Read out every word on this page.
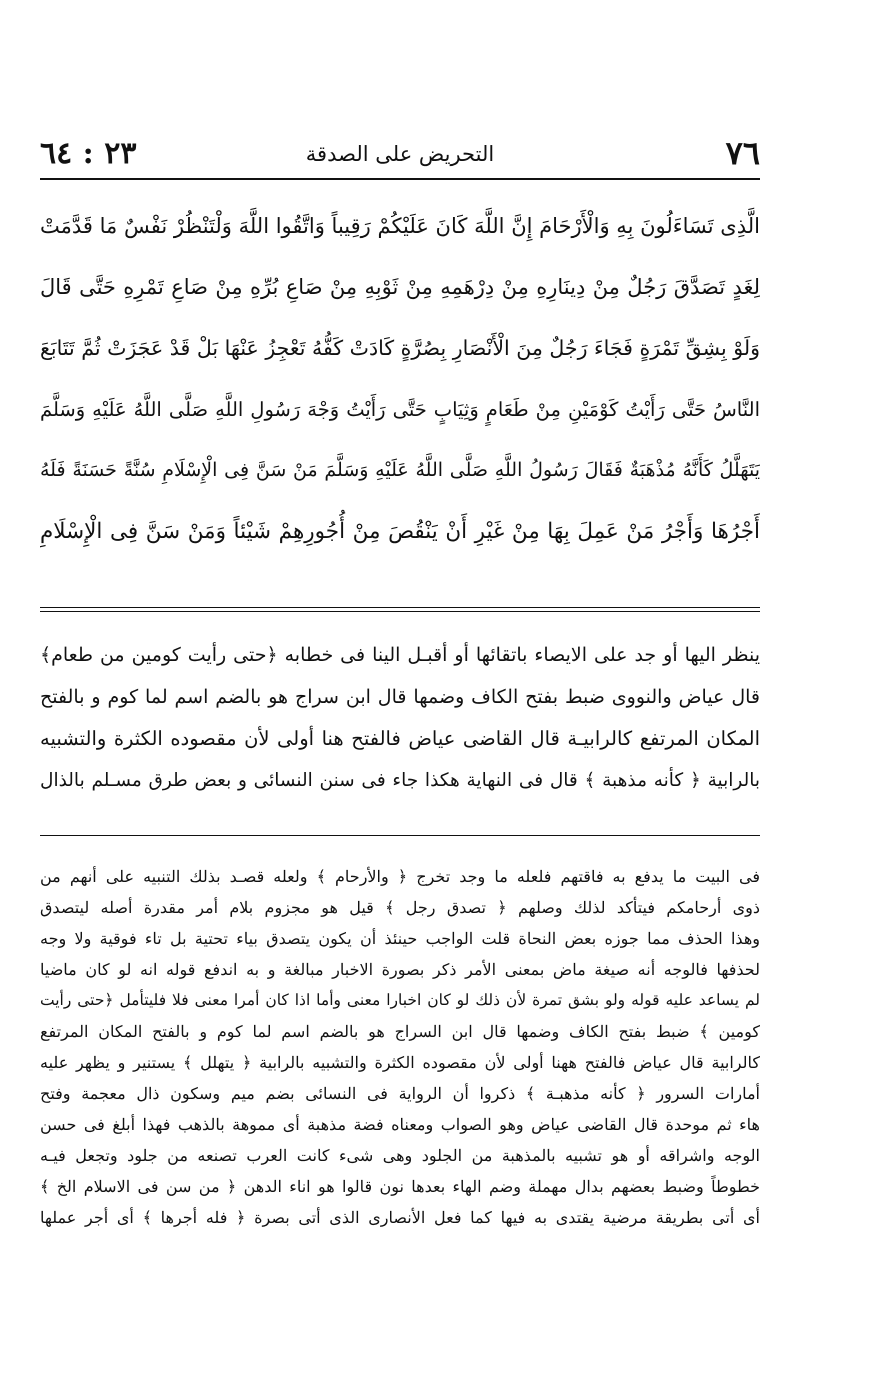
٢٣ : ٦٤	التحريض على الصدقة	٧٦
الَّذِى تَسَاءَلُونَ بِهِ وَالْأَرْحَامَ إِنَّ اللَّهَ كَانَ عَلَيْكُمْ رَقِيباً وَاتَّقُوا اللَّهَ وَلْتَنْظُرْ نَفْسٌ مَا قَدَّمَتْ
لِغَدٍ تَصَدَّقَ رَجُلٌ مِنْ دِينَارِهِ مِنْ دِرْهَمِهِ مِنْ ثَوْبِهِ مِنْ صَاعِ بُرِّهِ مِنْ صَاعِ تَمْرِهِ حَتَّى قَالَ
وَلَوْ بِشِقِّ تَمْرَةٍ فَجَاءَ رَجُلٌ مِنَ الْأَنْصَارِ بِصُرَّةٍ كَادَتْ كَفُّهُ تَعْجِزُ عَنْهَا بَلْ قَدْ عَجَزَتْ ثُمَّ تَتَابَعَ
النَّاسُ حَتَّى رَأَيْتُ كَوْمَيْنِ مِنْ طَعَامٍ وَثِيَابٍ حَتَّى رَأَيْتُ وَجْهَ رَسُولِ اللَّهِ صَلَّى اللَّهُ عَلَيْهِ وَسَلَّمَ
يَتَهَلَّلُ كَأَنَّهُ مُذْهَبَةٌ فَقَالَ رَسُولُ اللَّهِ صَلَّى اللَّهُ عَلَيْهِ وَسَلَّمَ مَنْ سَنَّ فِى الْإِسْلَامِ سُنَّةً حَسَنَةً فَلَهُ
أَجْرُهَا وَأَجْرُ مَنْ عَمِلَ بِهَا مِنْ غَيْرِ أَنْ يَنْقُصَ مِنْ أُجُورِهِمْ شَيْئاً وَمَنْ سَنَّ فِى الْإِسْلَامِ
ينظر اليها أو جد على الايصاء باتقائها أو أقبـل الينا فى خطابه ﴿حتى رأيت كومين من طعام﴾
قال عياض والنووى ضبط بفتح الكاف وضمها قال ابن سراج هو بالضم اسم لما كوم و بالفتح
المكان المرتفع كالرابيـة قال القاضى عياض فالفتح هنا أولى لأن مقصوده الكثرة والتشبيه
بالرابية ﴿ كأنه مذهبة ﴾ قال فى النهاية هكذا جاء فى سنن النسائى و بعض طرق مسـلم بالذال
فى البيت ما يدفع به فاقتهم فلعله ما وجد تخرج ﴿ والأرحام ﴾ ولعله قصـد بذلك التنبيه على أنهم من
ذوى أرحامكم فيتأكد لذلك وصلهم ﴿ تصدق رجل ﴾ قيل هو مجزوم بلام أمر مقدرة أصله ليتصدق
وهذا الحذف مما جوزه بعض النحاة قلت الواجب حينئذ أن يكون يتصدق بياء تحتية بل تاء فوقية ولا وجه
لحذفها فالوجه أنه صيغة ماض بمعنى الأمر ذكر بصورة الاخبار مبالغة و به اندفع قوله انه لو كان ماضيا
لم يساعد عليه قوله ولو بشق تمرة لأن ذلك لو كان اخبارا معنى وأما اذا كان أمرا معنى فلا فليتأمل ﴿حتى رأيت
كومين ﴾ ضبط بفتح الكاف وضمها قال ابن السراج هو بالضم اسم لما كوم و بالفتح المكان المرتفع
كالرابية قال عياض فالفتح ههنا أولى لأن مقصوده الكثرة والتشبيه بالرابية ﴿ يتهلل ﴾ يستنير و يظهر عليه
أمارات السرور ﴿ كأنه مذهبـة ﴾ ذكروا أن الرواية فى النسائى بضم ميم وسكون ذال معجمة وفتح
هاء ثم موحدة قال القاضى عياض وهو الصواب ومعناه فضة مذهبة أى مموهة بالذهب فهذا أبلغ فى حسن
الوجه واشراقه أو هو تشبيه بالمذهبة من الجلود وهى شىء كانت العرب تصنعه من جلود وتجعل فيـه
خطوطاً وضبط بعضهم بدال مهملة وضم الهاء بعدها نون قالوا هو اناء الدهن ﴿ من سن فى الاسلام الخ ﴾
أى أتى بطريقة مرضية يقتدى به فيها كما فعل الأنصارى الذى أتى بصرة ﴿ فله أجرها ﴾ أى أجر عملها
